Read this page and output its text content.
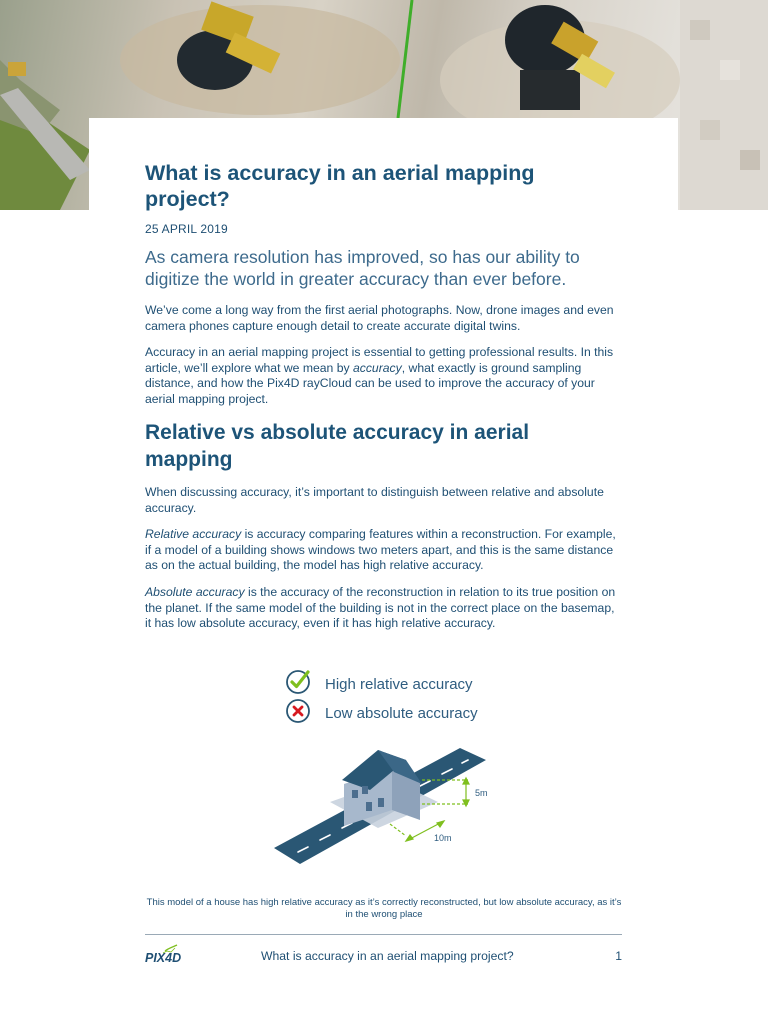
What is accuracy in an aerial mapping project?

25 APRIL 2019

As camera resolution has improved, so has our ability to digitize the world in greater accuracy than ever before.

We’ve come a long way from the first aerial photographs. Now, drone images and even camera phones capture enough detail to create accurate digital twins.

Accuracy in an aerial mapping project is essential to getting professional results. In this article, we’ll explore what we mean by accuracy, what exactly is ground sampling distance, and how the Pix4D rayCloud can be used to improve the accuracy of your aerial mapping project.

Relative vs absolute accuracy in aerial mapping

When discussing accuracy, it’s important to distinguish between relative and absolute accuracy.

Relative accuracy is accuracy comparing features within a reconstruction. For example, if a model of a building shows windows two meters apart, and this is the same distance as on the actual building, the model has high relative accuracy.

Absolute accuracy is the accuracy of the reconstruction in relation to its true position on the planet. If the same model of the building is not in the correct place on the basemap, it has low absolute accuracy, even if it has high relative accuracy.

High relative accuracy
Low absolute accuracy
5m
10m

This model of a house has high relative accuracy as it’s correctly reconstructed, but low absolute accuracy, as it’s in the wrong place

PIX4D	What is accuracy in an aerial mapping project?	1
